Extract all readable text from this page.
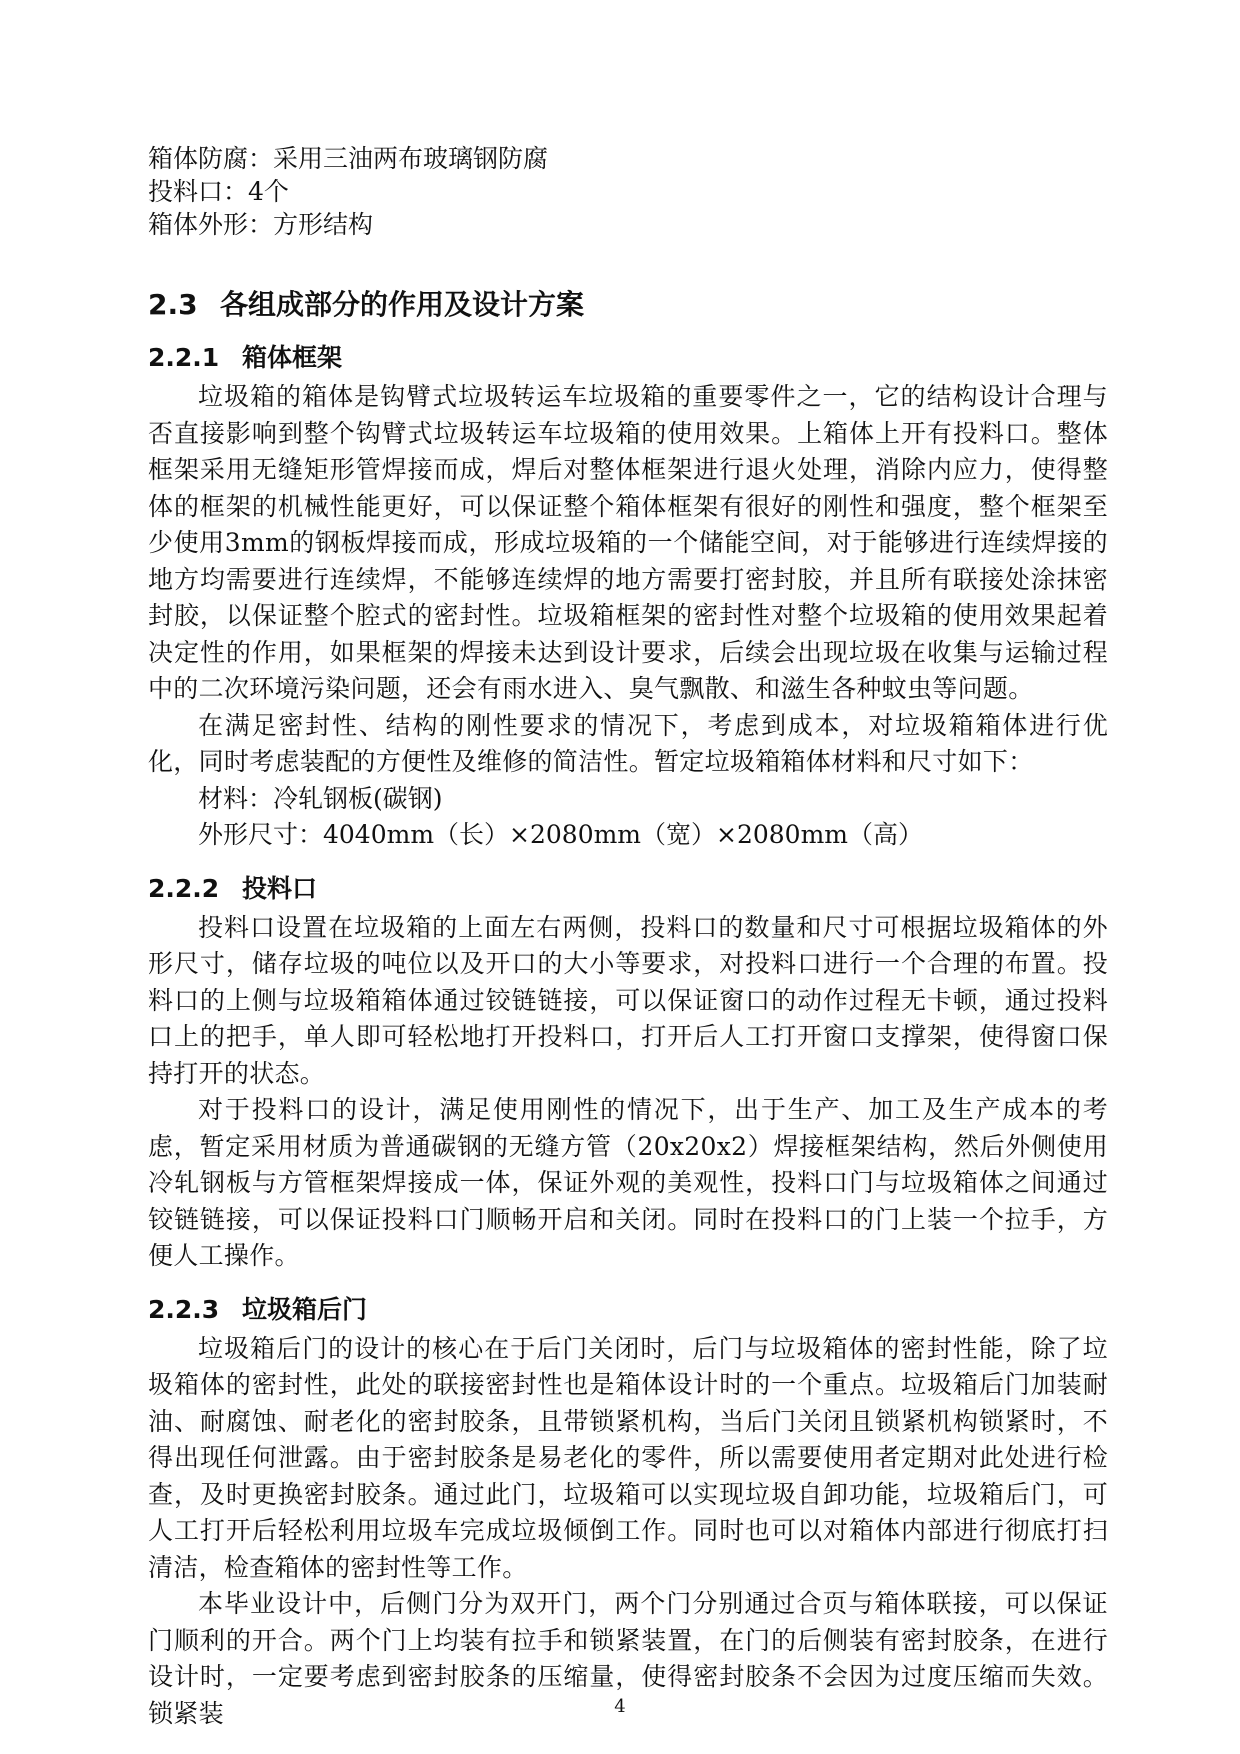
箱体防腐：采用三油两布玻璃钢防腐

投料口：4个

箱体外形：方形结构

2.3 各组成部分的作用及设计方案
2.2.1 箱体框架

垃圾箱的箱体是钩臂式垃圾转运车垃圾箱的重要零件之一，它的结构设计合理与否直接影响到整个钩臂式垃圾转运车垃圾箱的使用效果。上箱体上开有投料口。整体框架采用无缝矩形管焊接而成，焊后对整体框架进行退火处理，消除内应力，使得整体的框架的机械性能更好，可以保证整个箱体框架有很好的刚性和强度，整个框架至少使用3mm的钢板焊接而成，形成垃圾箱的一个储能空间，对于能够进行连续焊接的地方均需要进行连续焊，不能够连续焊的地方需要打密封胶，并且所有联接处涂抹密封胶，以保证整个腔式的密封性。垃圾箱框架的密封性对整个垃圾箱的使用效果起着决定性的作用，如果框架的焊接未达到设计要求，后续会出现垃圾在收集与运输过程中的二次环境污染问题，还会有雨水进入、臭气飘散、和滋生各种蚊虫等问题。

在满足密封性、结构的刚性要求的情况下，考虑到成本，对垃圾箱箱体进行优化，同时考虑装配的方便性及维修的简洁性。暂定垃圾箱箱体材料和尺寸如下：

材料：冷轧钢板(碳钢)

外形尺寸：4040mm（长）×2080mm（宽）×2080mm（高）

2.2.2 投料口

投料口设置在垃圾箱的上面左右两侧，投料口的数量和尺寸可根据垃圾箱体的外形尺寸，储存垃圾的吨位以及开口的大小等要求，对投料口进行一个合理的布置。投料口的上侧与垃圾箱箱体通过铰链链接，可以保证窗口的动作过程无卡顿，通过投料口上的把手，单人即可轻松地打开投料口，打开后人工打开窗口支撑架，使得窗口保持打开的状态。

对于投料口的设计，满足使用刚性的情况下，出于生产、加工及生产成本的考虑，暂定采用材质为普通碳钢的无缝方管（20x20x2）焊接框架结构，然后外侧使用冷轧钢板与方管框架焊接成一体，保证外观的美观性，投料口门与垃圾箱体之间通过铰链链接，可以保证投料口门顺畅开启和关闭。同时在投料口的门上装一个拉手，方便人工操作。

2.2.3 垃圾箱后门

垃圾箱后门的设计的核心在于后门关闭时，后门与垃圾箱体的密封性能，除了垃圾箱体的密封性，此处的联接密封性也是箱体设计时的一个重点。垃圾箱后门加装耐油、耐腐蚀、耐老化的密封胶条，且带锁紧机构，当后门关闭且锁紧机构锁紧时，不得出现任何泄露。由于密封胶条是易老化的零件，所以需要使用者定期对此处进行检查，及时更换密封胶条。通过此门，垃圾箱可以实现垃圾自卸功能，垃圾箱后门，可人工打开后轻松利用垃圾车完成垃圾倾倒工作。同时也可以对箱体内部进行彻底打扫清洁，检查箱体的密封性等工作。

本毕业设计中，后侧门分为双开门，两个门分别通过合页与箱体联接，可以保证门顺利的开合。两个门上均装有拉手和锁紧装置，在门的后侧装有密封胶条，在进行设计时，一定要考虑到密封胶条的压缩量，使得密封胶条不会因为过度压缩而失效。锁紧装	4
